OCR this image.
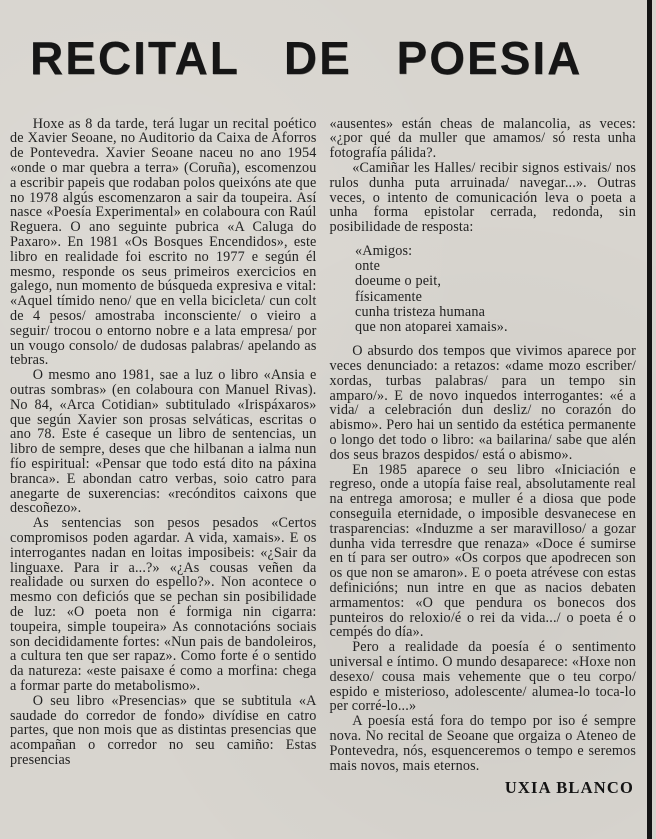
RECITAL DE POESIA

Hoxe as 8 da tarde, terá lugar un recital poético de Xavier Seoane, no Auditorio da Caixa de Aforros de Pontevedra. Xavier Seoane naceu no ano 1954 «onde o mar quebra a terra» (Coruña), escomenzou a escribir papeis que rodaban polos queixóns ate que no 1978 algús escomenzaron a sair da toupeira. Así nasce «Poesía Experimental» en colaboura con Raúl Reguera. O ano seguinte pubrica «A Caluga do Paxaro». En 1981 «Os Bosques Encendidos», este libro en realidade foi escrito no 1977 e según él mesmo, responde os seus primeiros exercicios en galego, nun momento de búsqueda expresiva e vital: «Aquel tímido neno/ que en vella bicicleta/ cun colt de 4 pesos/ amostraba inconsciente/ o vieiro a seguir/ trocou o entorno nobre e a lata empresa/ por un vougo consolo/ de dudosas palabras/ apelando as tebras.

O mesmo ano 1981, sae a luz o libro «Ansia e outras sombras» (en colaboura con Manuel Rivas). No 84, «Arca Cotidian» subtitulado «Irispáxaros» que según Xavier son prosas selváticas, escritas o ano 78. Este é caseque un libro de sentencias, un libro de sempre, deses que che hilbanan a ialma nun fío espiritual: «Pensar que todo está dito na páxina branca». E abondan catro verbas, soio catro para anegarte de suxerencias: «recónditos caixons que descoñezo».

As sentencias son pesos pesados «Certos compromisos poden agardar. A vida, xamais». E os interrogantes nadan en loitas imposibeis: «¿Sair da linguaxe. Para ir a...?» «¿As cousas veñen da realidade ou surxen do espello?». Non acontece o mesmo con deficiós que se pechan sin posibilidade de luz: «O poeta non é formiga nin cigarra: toupeira, simple toupeira» As connotacións sociais son decididamente fortes: «Nun pais de bandoleiros, a cultura ten que ser rapaz». Como forte é o sentido da natureza: «este paisaxe é como a morfina: chega a formar parte do metabolismo».

O seu libro «Presencias» que se subtitula «A saudade do corredor de fondo» divídise en catro partes, que non mois que as distintas presencias que acompañan o corredor no seu camiño: Estas presencias

«ausentes» están cheas de malancolia, as veces: «¿por qué da muller que amamos/ só resta unha fotografía pálida?.

«Camiñar les Halles/ recibir signos estivais/ nos rulos dunha puta arruinada/ navegar...». Outras veces, o intento de comunicación leva o poeta a unha forma epistolar cerrada, redonda, sin posibilidade de resposta:

«Amigos:
onte
doeume o peit,
físicamente
cunha tristeza humana
que non atoparei xamais».

O absurdo dos tempos que vivimos aparece por veces denunciado: a retazos: «dame mozo escriber/ xordas, turbas palabras/ para un tempo sin amparo/». E de novo inquedos interrogantes: «é a vida/ a celebración dun desliz/ no corazón do abismo». Pero hai un sentido da estética permanente o longo det todo o libro: «a bailarina/ sabe que alén dos seus brazos despidos/ está o abismo».

En 1985 aparece o seu libro «Iniciación e regreso, onde a utopía faise real, absolutamente real na entrega amorosa; e muller é a diosa que pode conseguila eternidade, o imposible desvanecese en trasparencias: «Induzme a ser maravilloso/ a gozar dunha vida terresdre que renaza» «Doce é sumirse en tí para ser outro» «Os corpos que apodrecen son os que non se amaron». E o poeta atrévese con estas definicións; nun intre en que as nacios debaten armamentos: «O que pendura os bonecos dos punteiros do reloxio/é o rei da vida.../ o poeta é o cempés do día».

Pero a realidade da poesía é o sentimento universal e íntimo. O mundo desaparece: «Hoxe non desexo/ cousa mais vehemente que o teu corpo/ espido e misterioso, adolescente/ alumea-lo toca-lo per corré-lo...»

A poesía está fora do tempo por iso é sempre nova. No recital de Seoane que orgaiza o Ateneo de Pontevedra, nós, esquenceremos o tempo e seremos mais novos, mais eternos.

UXIA BLANCO
